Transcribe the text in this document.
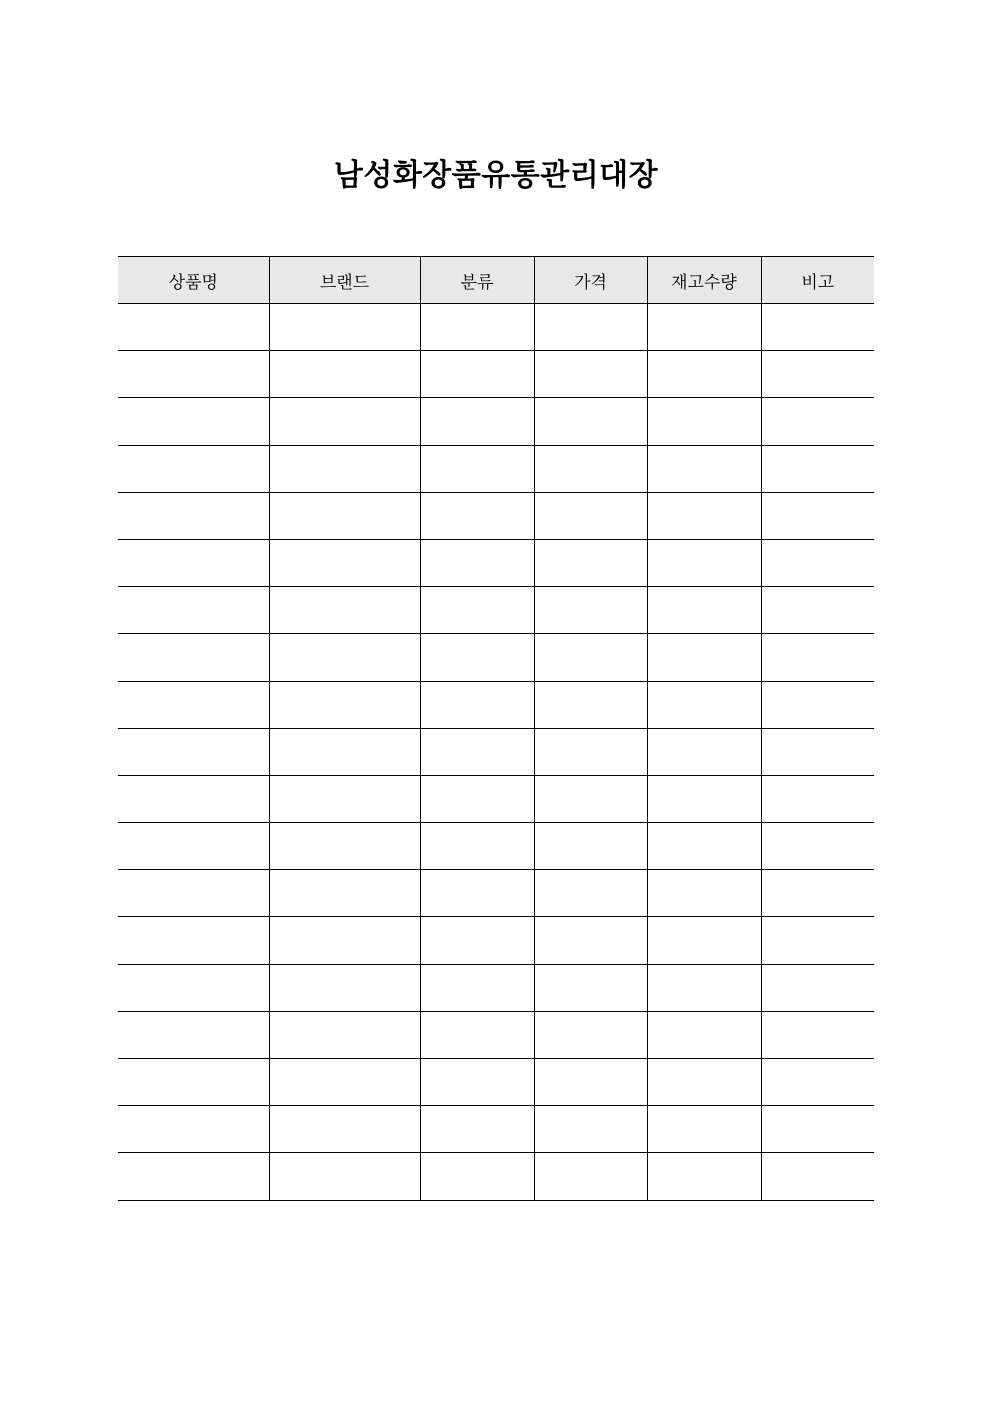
남성화장품유통관리대장
상품명	브랜드	분류	가격	재고수량	비고
